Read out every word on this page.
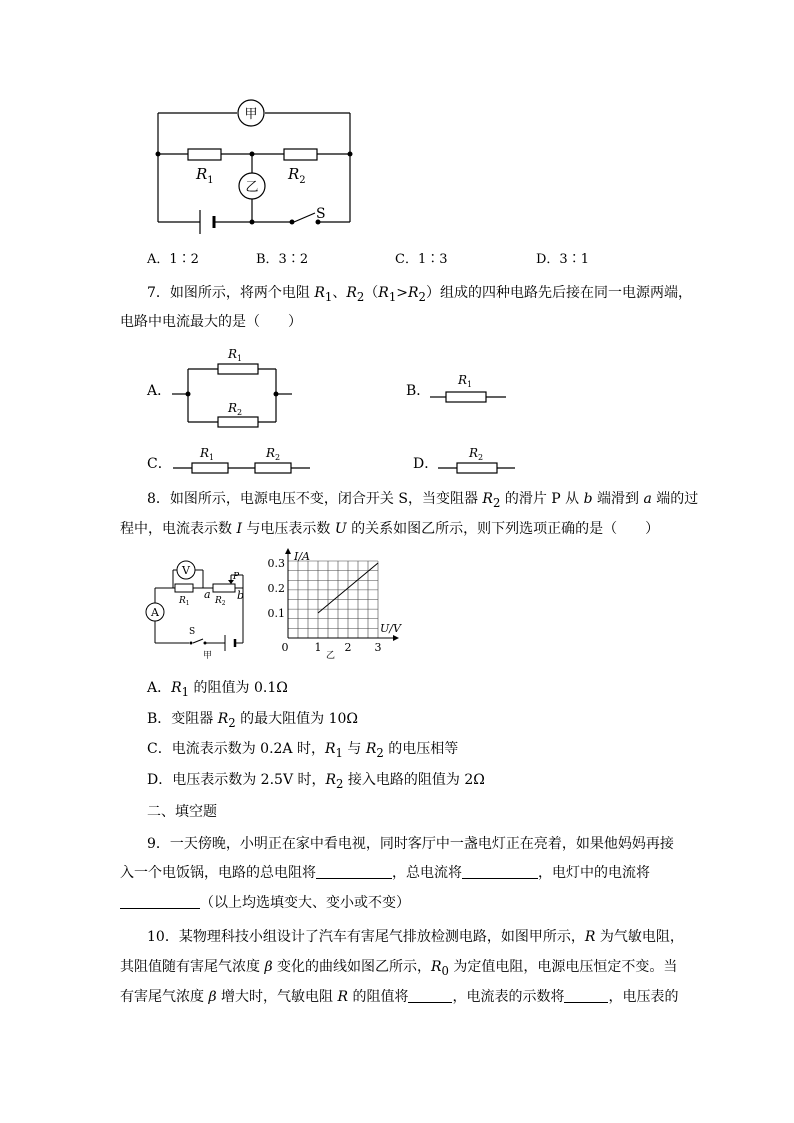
甲
乙
$R_1$	$R_2$
S
A．1∶2	B．3∶2	C．1∶3	D．3∶1
7．如图所示，将两个电阻 $R_1$、$R_2(R_1>R_2)$组成的四种电路先后接在同一电源两端，
电路中电流最大的是（　　）
A．
$R_1$
$R_2$
B．
$R_1$
C．
$R_1$	$R_2$	D．
$R_2$
8．如图所示，电源电压不变，闭合开关 S，当变阻器 $R_2$ 的滑片 P 从 b 端滑到 a 端的过
程中，电流表示数 I 与电压表示数 U 的关系如图乙所示，则下列选项正确的是（　　）
V
A
$R_1$	$R_2$
P
a b
S
甲
0 1 2 3
0.1
0.2
0.3
I/A
U/V
乙
A．$R_1$ 的阻值为 0.1Ω
B．变阻器 $R_2$ 的最大阻值为 10Ω
C．电流表示数为 0.2A 时，$R_1$ 与 $R_2$ 的电压相等
D．电压表示数为 2.5V 时，$R_2$ 接入电路的阻值为 2Ω
二、填空题
9．一天傍晚，小明正在家中看电视，同时客厅中一盏电灯正在亮着，如果他妈妈再接
入一个电饭锅，电路的总电阻将	，总电流将	，电灯中的电流将
（以上均选填变大、变小或不变）
10．某物理科技小组设计了汽车有害尾气排放检测电路，如图甲所示，R 为气敏电阻，
其阻值随有害尾气浓度 β 变化的曲线如图乙所示，$R_0$ 为定值电阻，电源电压恒定不变。当
有害尾气浓度 β 增大时，气敏电阻 R 的阻值将	，电流表的示数将	，电压表的
